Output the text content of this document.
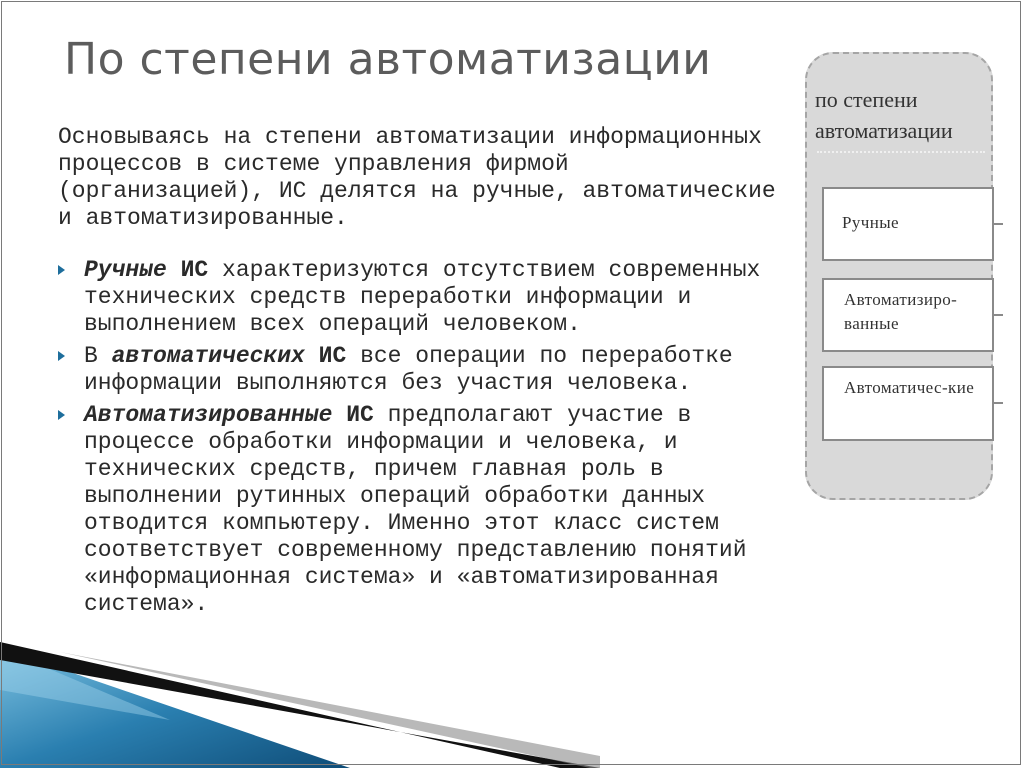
По степени автоматизации

Основываясь на степени автоматизации информационных процессов в системе управления фирмой (организацией), ИС делятся на ручные, автоматические и автоматизированные.

Ручные ИС характеризуются отсутствием современных технических средств переработки информации и выполнением всех операций человеком.
В автоматических ИС все операции по переработке информации выполняются без участия человека.
Автоматизированные ИС предполагают участие в процессе обработки информации и человека, и технических средств, причем главная роль в выполнении рутинных операций обработки данных отводится компьютеру. Именно этот класс систем соответствует современному представлению понятий «информационная система» и «автоматизированная система».
по степени автоматизации
Ручные
Автоматизиро-ванные
Автоматичес-кие
